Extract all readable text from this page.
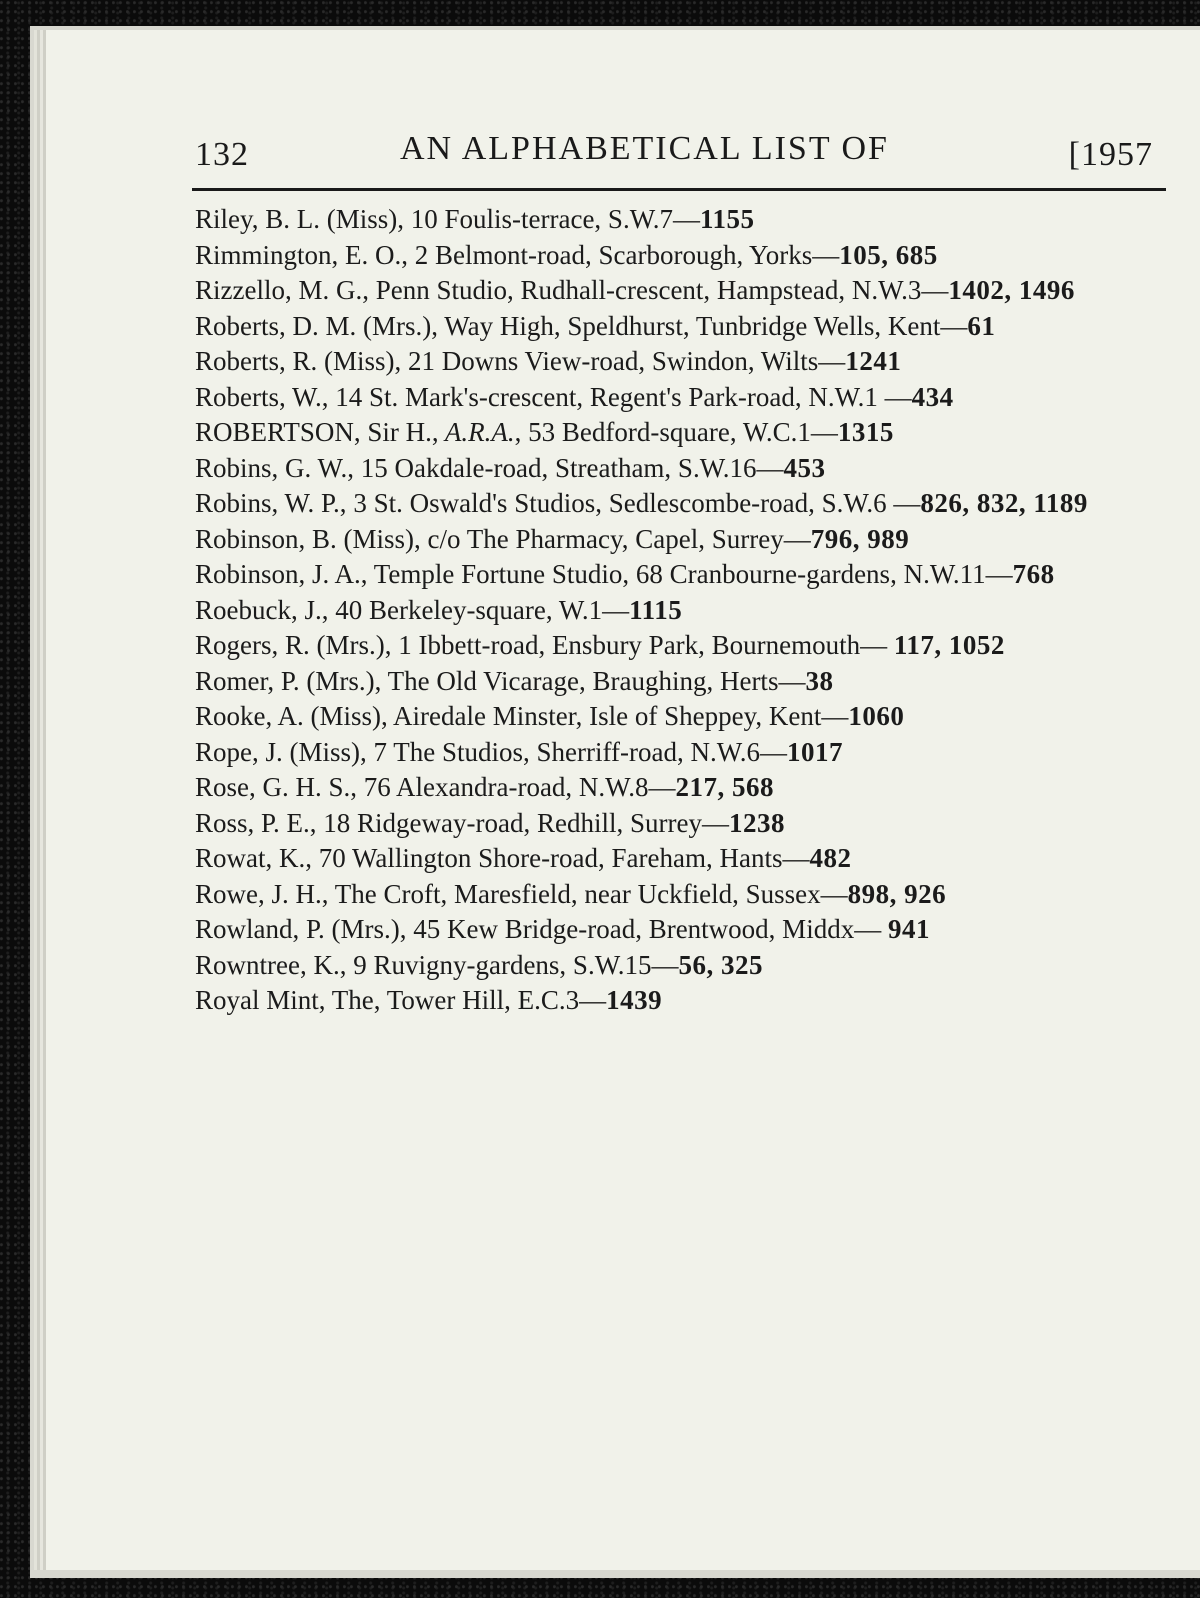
132	AN ALPHABETICAL LIST OF	[1957
Riley, B. L. (Miss), 10 Foulis-terrace, S.W.7—1155
Rimmington, E. O., 2 Belmont-road, Scarborough, Yorks—105, 685
Rizzello, M. G., Penn Studio, Rudhall-crescent, Hampstead, N.W.3—1402, 1496
Roberts, D. M. (Mrs.), Way High, Speldhurst, Tunbridge Wells, Kent—61
Roberts, R. (Miss), 21 Downs View-road, Swindon, Wilts—1241
Roberts, W., 14 St. Mark's-crescent, Regent's Park-road, N.W.1 —434
ROBERTSON, Sir H., A.R.A., 53 Bedford-square, W.C.1—1315
Robins, G. W., 15 Oakdale-road, Streatham, S.W.16—453
Robins, W. P., 3 St. Oswald's Studios, Sedlescombe-road, S.W.6 —826, 832, 1189
Robinson, B. (Miss), c/o The Pharmacy, Capel, Surrey—796, 989
Robinson, J. A., Temple Fortune Studio, 68 Cranbourne-gardens, N.W.11—768
Roebuck, J., 40 Berkeley-square, W.1—1115
Rogers, R. (Mrs.), 1 Ibbett-road, Ensbury Park, Bournemouth— 117, 1052
Romer, P. (Mrs.), The Old Vicarage, Braughing, Herts—38
Rooke, A. (Miss), Airedale Minster, Isle of Sheppey, Kent—1060
Rope, J. (Miss), 7 The Studios, Sherriff-road, N.W.6—1017
Rose, G. H. S., 76 Alexandra-road, N.W.8—217, 568
Ross, P. E., 18 Ridgeway-road, Redhill, Surrey—1238
Rowat, K., 70 Wallington Shore-road, Fareham, Hants—482
Rowe, J. H., The Croft, Maresfield, near Uckfield, Sussex—898, 926
Rowland, P. (Mrs.), 45 Kew Bridge-road, Brentwood, Middx— 941
Rowntree, K., 9 Ruvigny-gardens, S.W.15—56, 325
Royal Mint, The, Tower Hill, E.C.3—1439
